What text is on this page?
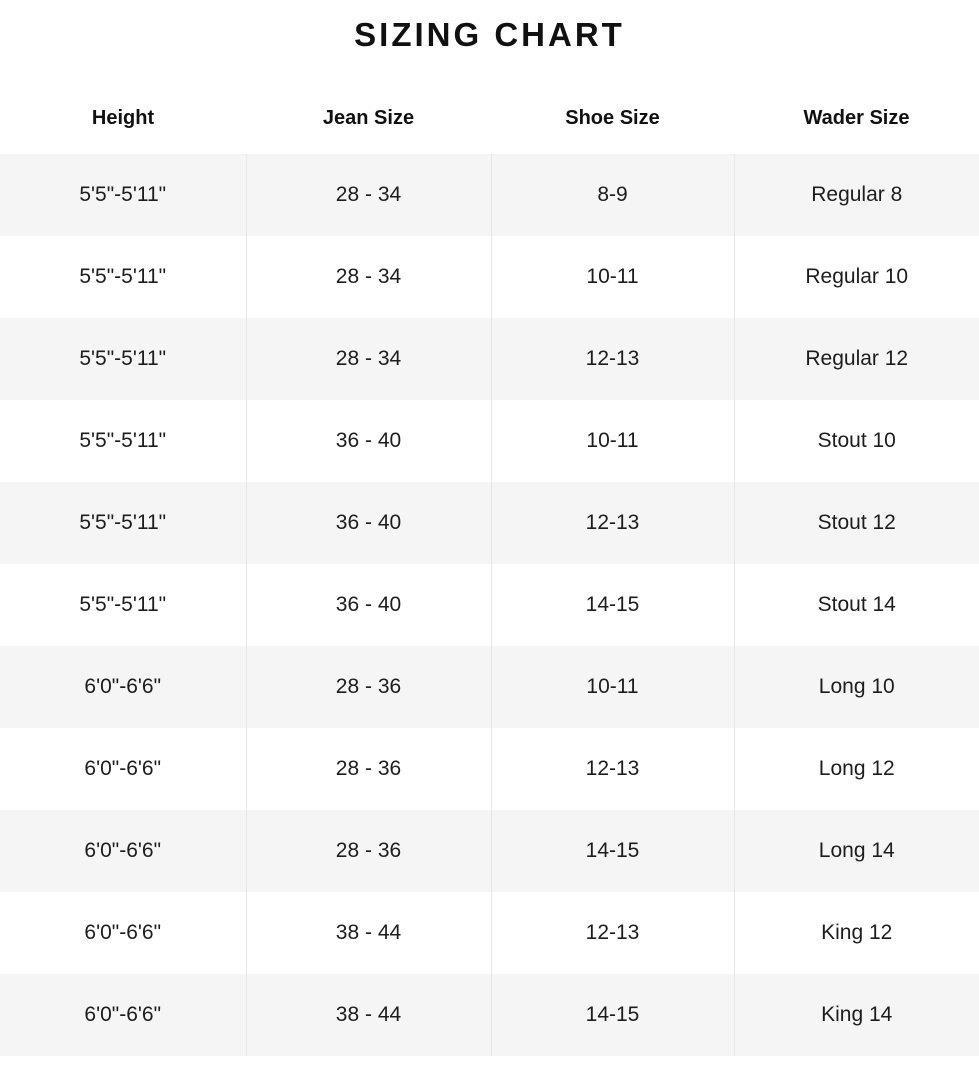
SIZING CHART
Height	Jean Size	Shoe Size	Wader Size
5'5"-5'11"	28 - 34	8-9	Regular 8
5'5"-5'11"	28 - 34	10-11	Regular 10
5'5"-5'11"	28 - 34	12-13	Regular 12
5'5"-5'11"	36 - 40	10-11	Stout 10
5'5"-5'11"	36 - 40	12-13	Stout 12
5'5"-5'11"	36 - 40	14-15	Stout 14
6'0"-6'6"	28 - 36	10-11	Long 10
6'0"-6'6"	28 - 36	12-13	Long 12
6'0"-6'6"	28 - 36	14-15	Long 14
6'0"-6'6"	38 - 44	12-13	King 12
6'0"-6'6"	38 - 44	14-15	King 14
